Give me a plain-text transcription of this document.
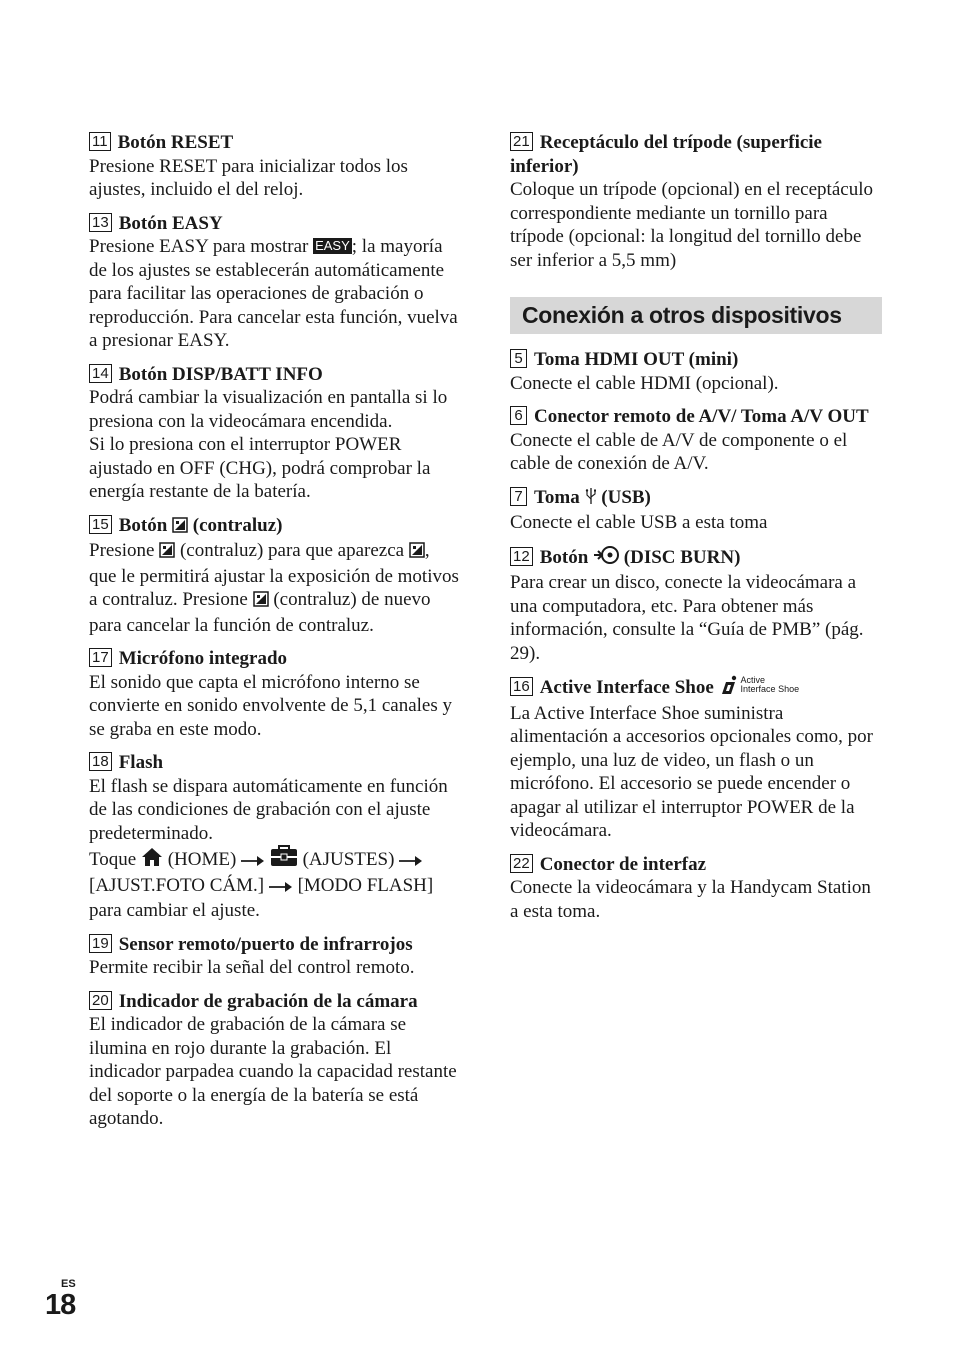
11 Botón RESET

Presione RESET para inicializar todos los ajustes, incluido el del reloj.

13 Botón EASY

Presione EASY para mostrar EASY ; la mayoría de los ajustes se establecerán automáticamente para facilitar las operaciones de grabación o reproducción. Para cancelar esta función, vuelva a presionar EASY.

14 Botón DISP/BATT INFO

Podrá cambiar la visualización en pantalla si lo presiona con la videocámara encendida.

Si lo presiona con el interruptor POWER ajustado en OFF (CHG), podrá comprobar la energía restante de la batería.

15 Botón  (contraluz)

Presione  (contraluz) para que aparezca , que le permitirá ajustar la exposición de motivos a contraluz. Presione  (contraluz) de nuevo para cancelar la función de contraluz.

17 Micrófono integrado

El sonido que capta el micrófono interno se convierte en sonido envolvente de 5,1 canales y se graba en este modo.

18 Flash

El flash se dispara automáticamente en función de las condiciones de grabación con el ajuste predeterminado.

Toque  (HOME)	(AJUSTES)  [AJUST.FOTO CÁM.]  [MODO FLASH] para cambiar el ajuste.

19 Sensor remoto/puerto de infrarrojos

Permite recibir la señal del control remoto.

20 Indicador de grabación de la cámara

El indicador de grabación de la cámara se ilumina en rojo durante la grabación. El indicador parpadea cuando la capacidad restante del soporte o la energía de la batería se está agotando.

21 Receptáculo del trípode (superficie inferior)

Coloque un trípode (opcional) en el receptáculo correspondiente mediante un tornillo para trípode (opcional: la longitud del tornillo debe ser inferior a 5,5 mm)

Conexión a otros dispositivos

5 Toma HDMI OUT (mini)

Conecte el cable HDMI (opcional).

6 Conector remoto de A/V/ Toma A/V OUT

Conecte el cable de A/V de componente o el cable de conexión de A/V.

7 Toma  (USB)

Conecte el cable USB a esta toma

12 Botón  (DISC BURN)

Para crear un disco, conecte la videocámara a una computadora, etc. Para obtener más información, consulte la “Guía de PMB” (pág. 29).

16 Active Interface Shoe Active
Interface Shoe

La Active Interface Shoe suministra alimentación a accesorios opcionales como, por ejemplo, una luz de video, un flash o un micrófono. El accesorio se puede encender o apagar al utilizar el interruptor POWER de la videocámara.

22 Conector de interfaz

Conecte la videocámara y la Handycam Station a esta toma.

ES
18
